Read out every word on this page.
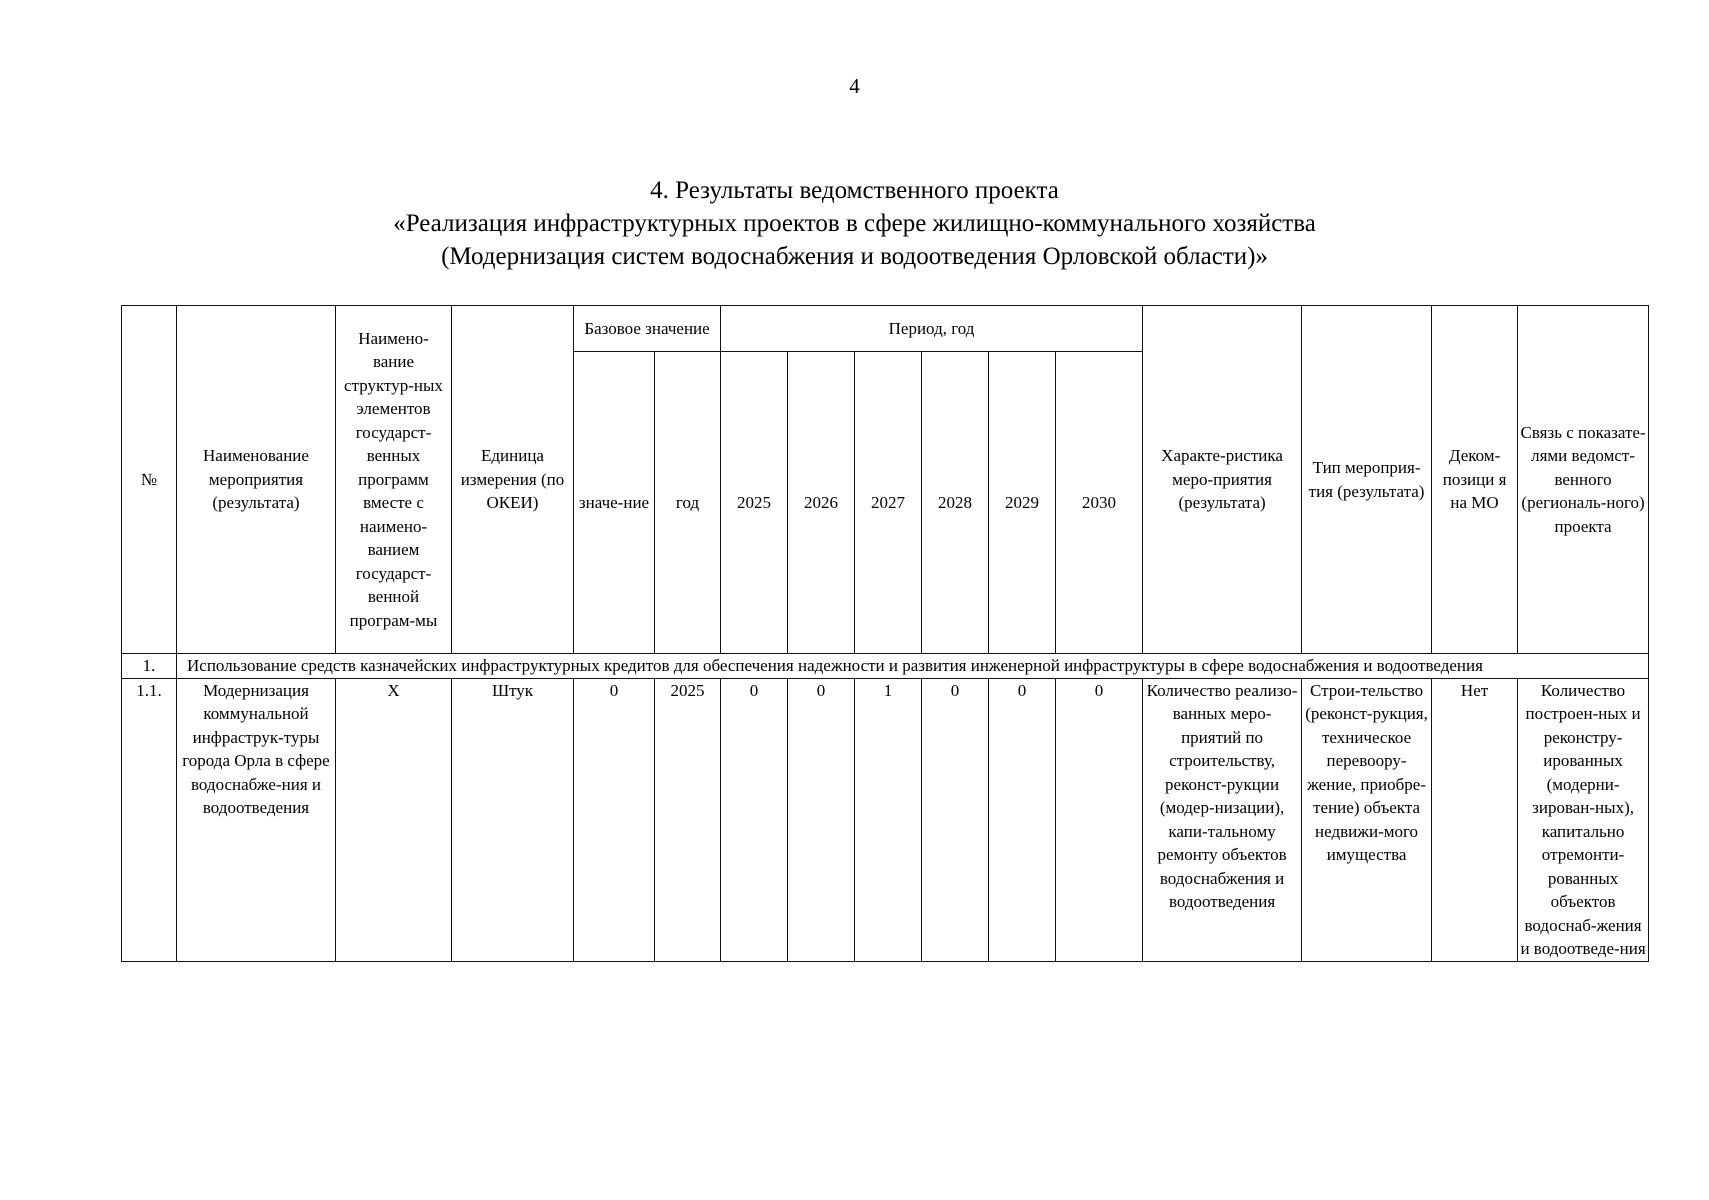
4
4. Результаты ведомственного проекта
«Реализация инфраструктурных проектов в сфере жилищно-коммунального хозяйства
(Модернизация систем водоснабжения и водоотведения Орловской области)»
№	Наименование мероприятия (результата)	Наимено-вание структур-ных элементов государст-венных программ вместе с наимено-ванием государст-венной програм-мы	Единица измерения (по ОКЕИ)	Базовое значение		Период, год						Характе-ристика меро-приятия (результата)	Тип мероприя-тия (результата)	Деком-позици я на МО	Связь с показате-лями ведомст-венного (региональ-ного) проекта
				значе-ние	год	2025	2026	2027	2028	2029	2030				
1.	Использование средств казначейских инфраструктурных кредитов для обеспечения надежности и развития инженерной инфраструктуры в сфере водоснабжения и водоотведения														
1.1.	Модернизация коммунальной инфраструк-туры города Орла в сфере водоснабже-ния и водоотведения	X	Штук	0	2025	0	0	1	0	0	0	Количество реализо-ванных меро-приятий по строительству, реконст-рукции (модер-низации), капи-тальному ремонту объектов водоснабжения и водоотведения	Строи-тельство (реконст-рукция, техническое перевоору-жение, приобре-тение) объекта недвижи-мого имущества	Нет	Количество построен-ных и реконстру-ированных (модерни-зирован-ных), капитально отремонти-рованных объектов водоснаб-жения и водоотведе-ния
